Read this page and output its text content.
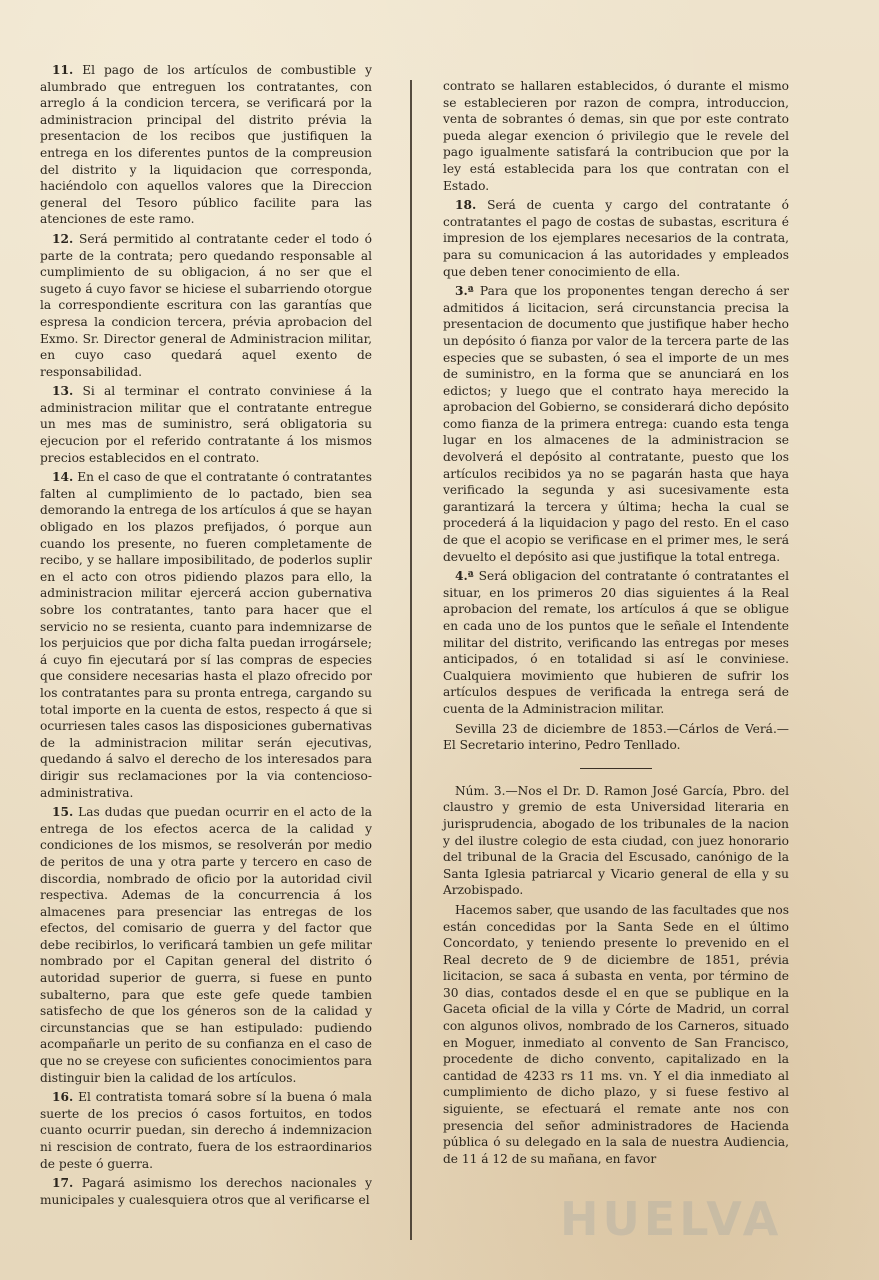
11. El pago de los artículos de combustible y alumbrado que entreguen los contratantes, con arreglo á la condicion tercera, se verificará por la administracion principal del distrito prévia la presentacion de los recibos que justifiquen la entrega en los diferentes puntos de la compreusion del distrito y la liquidacion que corresponda, haciéndolo con aquellos valores que la Direccion general del Tesoro público facilite para las atenciones de este ramo.

12. Será permitido al contratante ceder el todo ó parte de la contrata; pero quedando responsable al cumplimiento de su obligacion, á no ser que el sugeto á cuyo favor se hiciese el subarriendo otorgue la correspondiente escritura con las garantías que espresa la condicion tercera, prévia aprobacion del Exmo. Sr. Director general de Administracion militar, en cuyo caso quedará aquel exento de responsabilidad.

13. Si al terminar el contrato conviniese á la administracion militar que el contratante entregue un mes mas de suministro, será obligatoria su ejecucion por el referido contratante á los mismos precios establecidos en el contrato.

14. En el caso de que el contratante ó contratantes falten al cumplimiento de lo pactado, bien sea demorando la entrega de los artículos á que se hayan obligado en los plazos prefijados, ó porque aun cuando los presente, no fueren completamente de recibo, y se hallare imposibilitado, de poderlos suplir en el acto con otros pidiendo plazos para ello, la administracion militar ejercerá accion gubernativa sobre los contratantes, tanto para hacer que el servicio no se resienta, cuanto para indemnizarse de los perjuicios que por dicha falta puedan irrogársele; á cuyo fin ejecutará por sí las compras de especies que considere necesarias hasta el plazo ofrecido por los contratantes para su pronta entrega, cargando su total importe en la cuenta de estos, respecto á que si ocurriesen tales casos las disposiciones gubernativas de la administracion militar serán ejecutivas, quedando á salvo el derecho de los interesados para dirigir sus reclamaciones por la via contencioso-administrativa.

15. Las dudas que puedan ocurrir en el acto de la entrega de los efectos acerca de la calidad y condiciones de los mismos, se resolverán por medio de peritos de una y otra parte y tercero en caso de discordia, nombrado de oficio por la autoridad civil respectiva. Ademas de la concurrencia á los almacenes para presenciar las entregas de los efectos, del comisario de guerra y del factor que debe recibirlos, lo verificará tambien un gefe militar nombrado por el Capitan general del distrito ó autoridad superior de guerra, si fuese en punto subalterno, para que este gefe quede tambien satisfecho de que los géneros son de la calidad y circunstancias que se han estipulado: pudiendo acompañarle un perito de su confianza en el caso de que no se creyese con suficientes conocimientos para distinguir bien la calidad de los artículos.

16. El contratista tomará sobre sí la buena ó mala suerte de los precios ó casos fortuitos, en todos cuanto ocurrir puedan, sin derecho á indemnizacion ni rescision de contrato, fuera de los estraordinarios de peste ó guerra.

17. Pagará asimismo los derechos nacionales y municipales y cualesquiera otros que al verificarse el

contrato se hallaren establecidos, ó durante el mismo se establecieren por razon de compra, introduccion, venta de sobrantes ó demas, sin que por este contrato pueda alegar exencion ó privilegio que le revele del pago igualmente satisfará la contribucion que por la ley está establecida para los que contratan con el Estado.

18. Será de cuenta y cargo del contratante ó contratantes el pago de costas de subastas, escritura é impresion de los ejemplares necesarios de la contrata, para su comunicacion á las autoridades y empleados que deben tener conocimiento de ella.

3.ª Para que los proponentes tengan derecho á ser admitidos á licitacion, será circunstancia precisa la presentacion de documento que justifique haber hecho un depósito ó fianza por valor de la tercera parte de las especies que se subasten, ó sea el importe de un mes de suministro, en la forma que se anunciará en los edictos; y luego que el contrato haya merecido la aprobacion del Gobierno, se considerará dicho depósito como fianza de la primera entrega: cuando esta tenga lugar en los almacenes de la administracion se devolverá el depósito al contratante, puesto que los artículos recibidos ya no se pagarán hasta que haya verificado la segunda y asi sucesivamente esta garantizará la tercera y última; hecha la cual se procederá á la liquidacion y pago del resto. En el caso de que el acopio se verificase en el primer mes, le será devuelto el depósito asi que justifique la total entrega.

4.ª Será obligacion del contratante ó contratantes el situar, en los primeros 20 dias siguientes á la Real aprobacion del remate, los artículos á que se obligue en cada uno de los puntos que le señale el Intendente militar del distrito, verificando las entregas por meses anticipados, ó en totalidad si así le conviniese. Cualquiera movimiento que hubieren de sufrir los artículos despues de verificada la entrega será de cuenta de la Administracion militar.

Sevilla 23 de diciembre de 1853.—Cárlos de Verá.—El Secretario interino, Pedro Tenllado.

Núm. 3.—Nos el Dr. D. Ramon José García, Pbro. del claustro y gremio de esta Universidad literaria en jurisprudencia, abogado de los tribunales de la nacion y del ilustre colegio de esta ciudad, con juez honorario del tribunal de la Gracia del Escusado, canónigo de la Santa Iglesia patriarcal y Vicario general de ella y su Arzobispado.

Hacemos saber, que usando de las facultades que nos están concedidas por la Santa Sede en el último Concordato, y teniendo presente lo prevenido en el Real decreto de 9 de diciembre de 1851, prévia licitacion, se saca á subasta en venta, por término de 30 dias, contados desde el en que se publique en la Gaceta oficial de la villa y Córte de Madrid, un corral con algunos olivos, nombrado de los Carneros, situado en Moguer, inmediato al convento de San Francisco, procedente de dicho convento, capitalizado en la cantidad de 4233 rs 11 ms. vn. Y el dia inmediato al cumplimiento de dicho plazo, y si fuese festivo al siguiente, se efectuará el remate ante nos con presencia del señor administradores de Hacienda pública ó su delegado en la sala de nuestra Audiencia, de 11 á 12 de su mañana, en favor

HUELVA
